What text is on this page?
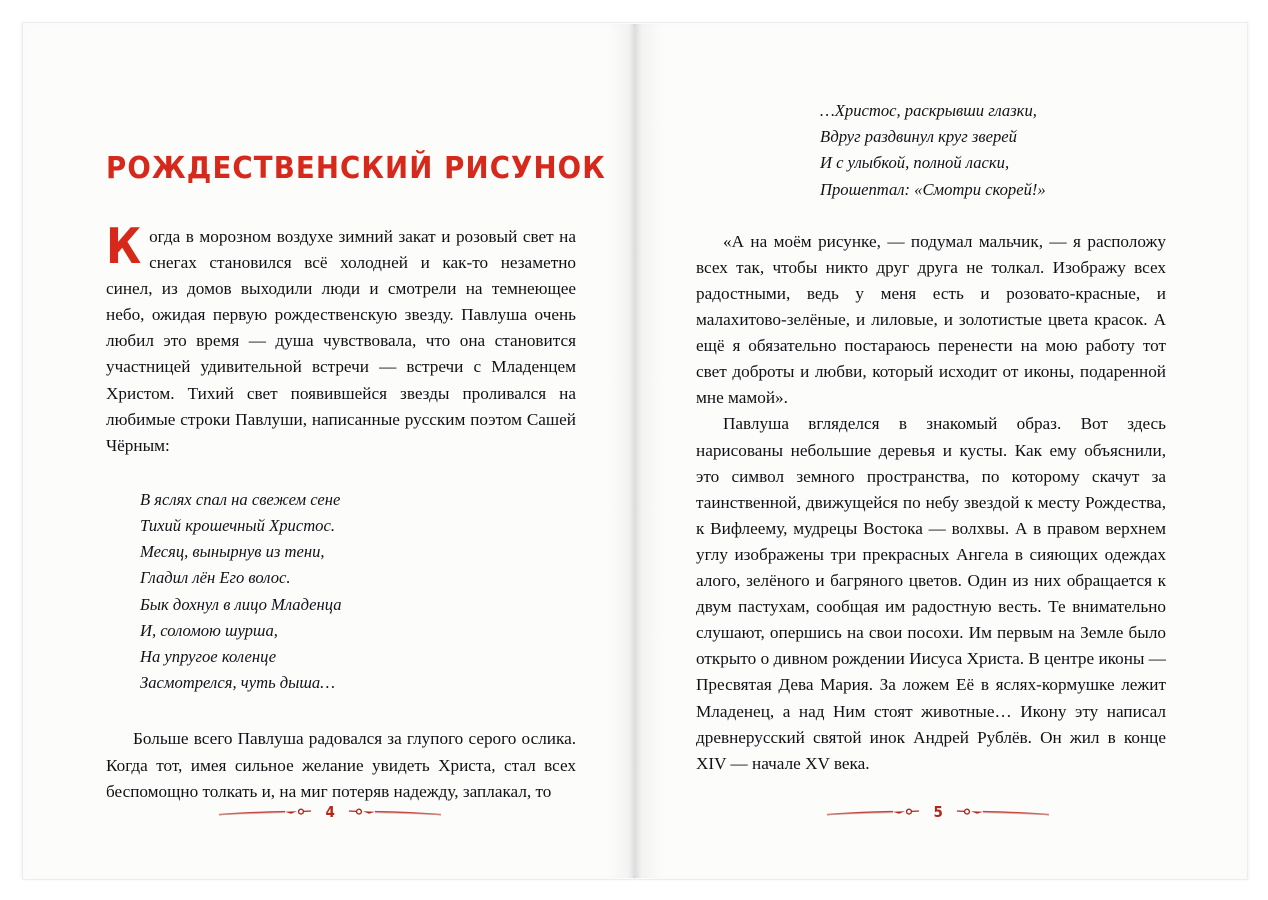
РОЖДЕСТВЕНСКИЙ РИСУНОК

Когда в морозном воздухе зимний закат и розовый свет на снегах становился всё холодней и как-то незаметно синел, из домов выходили люди и смотрели на темнеющее небо, ожидая первую рождественскую звезду. Павлуша очень любил это время — душа чувствовала, что она становится участницей удивительной встречи — встречи с Младенцем Христом. Тихий свет появившейся звезды проливался на любимые строки Павлуши, написанные русским поэтом Сашей Чёрным:

В яслях спал на свежем сене
Тихий крошечный Христос.
Месяц, вынырнув из тени,
Гладил лён Его волос.
Бык дохнул в лицо Младенца
И, соломою шурша,
На упругое коленце
Засмотрелся, чуть дыша…

Больше всего Павлуша радовался за глупого серого ослика. Когда тот, имея сильное желание увидеть Христа, стал всех беспомощно толкать и, на миг потеряв надежду, заплакал, то

4
…Христос, раскрывши глазки,
Вдруг раздвинул круг зверей
И с улыбкой, полной ласки,
Прошептал: «Смотри скорей!»

«А на моём рисунке, — подумал мальчик, — я расположу всех так, чтобы никто друг друга не толкал. Изображу всех радостными, ведь у меня есть и розовато-красные, и малахитово-зелёные, и лиловые, и золотистые цвета красок. А ещё я обязательно постараюсь перенести на мою работу тот свет доброты и любви, который исходит от иконы, подаренной мне мамой».

Павлуша вгляделся в знакомый образ. Вот здесь нарисованы небольшие деревья и кусты. Как ему объяснили, это символ земного пространства, по которому скачут за таинственной, движущейся по небу звездой к месту Рождества, к Вифлеему, мудрецы Востока — волхвы. А в правом верхнем углу изображены три прекрасных Ангела в сияющих одеждах алого, зелёного и багряного цветов. Один из них обращается к двум пастухам, сообщая им радостную весть. Те внимательно слушают, опершись на свои посохи. Им первым на Земле было открыто о дивном рождении Иисуса Христа. В центре иконы — Пресвятая Дева Мария. За ложем Её в яслях-кормушке лежит Младенец, а над Ним стоят животные… Икону эту написал древнерусский святой инок Андрей Рублёв. Он жил в конце XIV — начале XV века.

5
